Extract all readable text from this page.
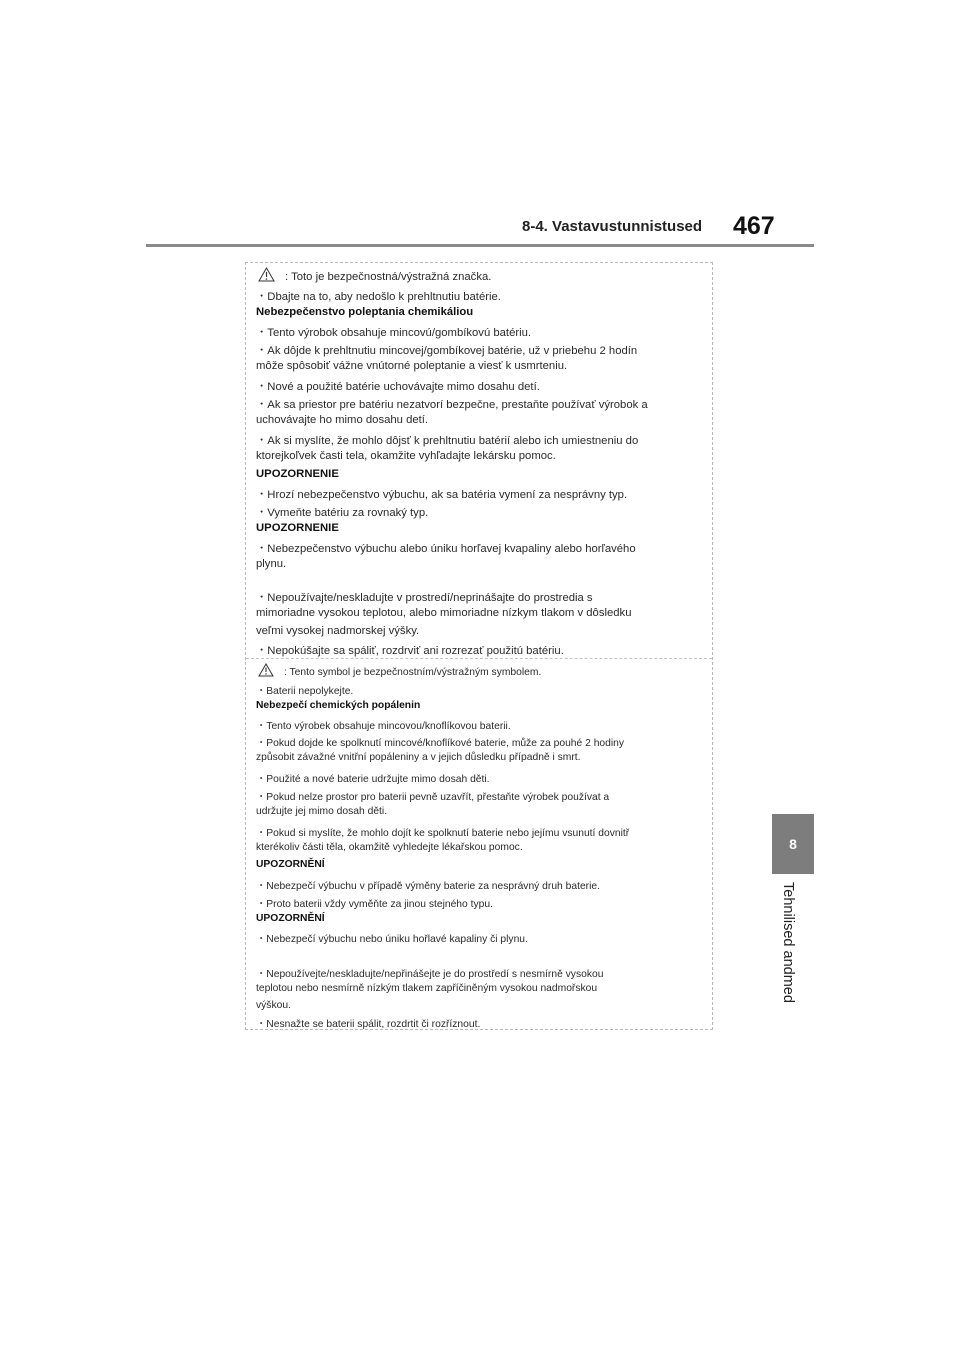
8-4. Vastavustunnistused 467
8
Tehnilised andmed
: Toto je bezpečnostná/výstražná značka.
・Dbajte na to, aby nedošlo k prehltnutiu batérie.
Nebezpečenstvo poleptania chemikáliou
・Tento výrobok obsahuje mincovú/gombíkovú batériu.
・Ak dôjde k prehltnutiu mincovej/gombíkovej batérie, už v priebehu 2 hodín
môže spôsobiť vážne vnútorné poleptanie a viesť k usmrteniu.
・Nové a použité batérie uchovávajte mimo dosahu detí.
・Ak sa priestor pre batériu nezatvorí bezpečne, prestaňte používať výrobok a
uchovávajte ho mimo dosahu detí.
・Ak si myslíte, že mohlo dôjsť k prehltnutiu batérií alebo ich umiestneniu do
ktorejkoľvek časti tela, okamžite vyhľadajte lekársku pomoc.
UPOZORNENIE
・Hrozí nebezpečenstvo výbuchu, ak sa batéria vymení za nesprávny typ.
・Vymeňte batériu za rovnaký typ.
UPOZORNENIE
・Nebezpečenstvo výbuchu alebo úniku horľavej kvapaliny alebo horľavého
plynu.
・Nepoužívajte/neskladujte v prostredí/neprinášajte do prostredia s
mimoriadne vysokou teplotou, alebo mimoriadne nízkym tlakom v dôsledku
veľmi vysokej nadmorskej výšky.
・Nepokúšajte sa spáliť, rozdrviť ani rozrezať použitú batériu.
: Tento symbol je bezpečnostním/výstražným symbolem.
・Baterii nepolykejte.
Nebezpečí chemických popálenin
・Tento výrobek obsahuje mincovou/knoflíkovou baterii.
・Pokud dojde ke spolknutí mincové/knoflíkové baterie, může za pouhé 2 hodiny
způsobit závažné vnitřní popáleniny a v jejich důsledku případně i smrt.
・Použité a nové baterie udržujte mimo dosah děti.
・Pokud nelze prostor pro baterii pevně uzavřít, přestaňte výrobek používat a
udržujte jej mimo dosah děti.
・Pokud si myslíte, že mohlo dojít ke spolknutí baterie nebo jejímu vsunutí dovnitř
kterékoliv části těla, okamžitě vyhledejte lékařskou pomoc.
UPOZORNĚNÍ
・Nebezpečí výbuchu v případě výměny baterie za nesprávný druh baterie.
・Proto baterii vždy vyměňte za jinou stejného typu.
UPOZORNĚNÍ
・Nebezpečí výbuchu nebo úniku hořlavé kapaliny či plynu.
・Nepoužívejte/neskladujte/nepřinášejte je do prostředí s nesmírně vysokou
teplotou nebo nesmírně nízkým tlakem zapříčiněným vysokou nadmořskou
výškou.
・Nesnažte se baterii spálit, rozdrtit či rozříznout.
